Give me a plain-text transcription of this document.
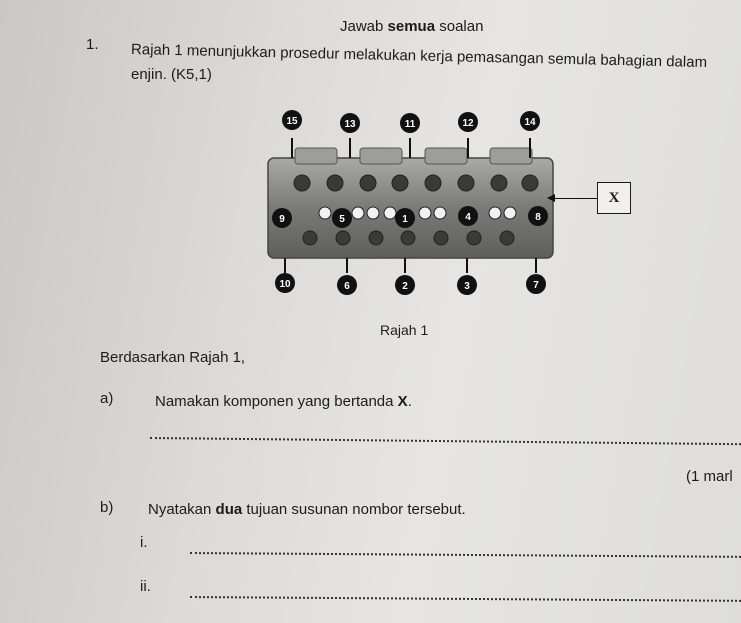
Jawab semua soalan
1. Rajah 1 menunjukkan prosedur melakukan kerja pemasangan semula bahagian dalam
enjin. (K5,1)
15	13	11	12	14
9	5	1	4	8
10	6	2	3	7
X
Rajah 1
Berdasarkan Rajah 1,
a)	Namakan komponen yang bertanda X.
(1 marl
b) Nyatakan dua tujuan susunan nombor tersebut.
i.
ii.
